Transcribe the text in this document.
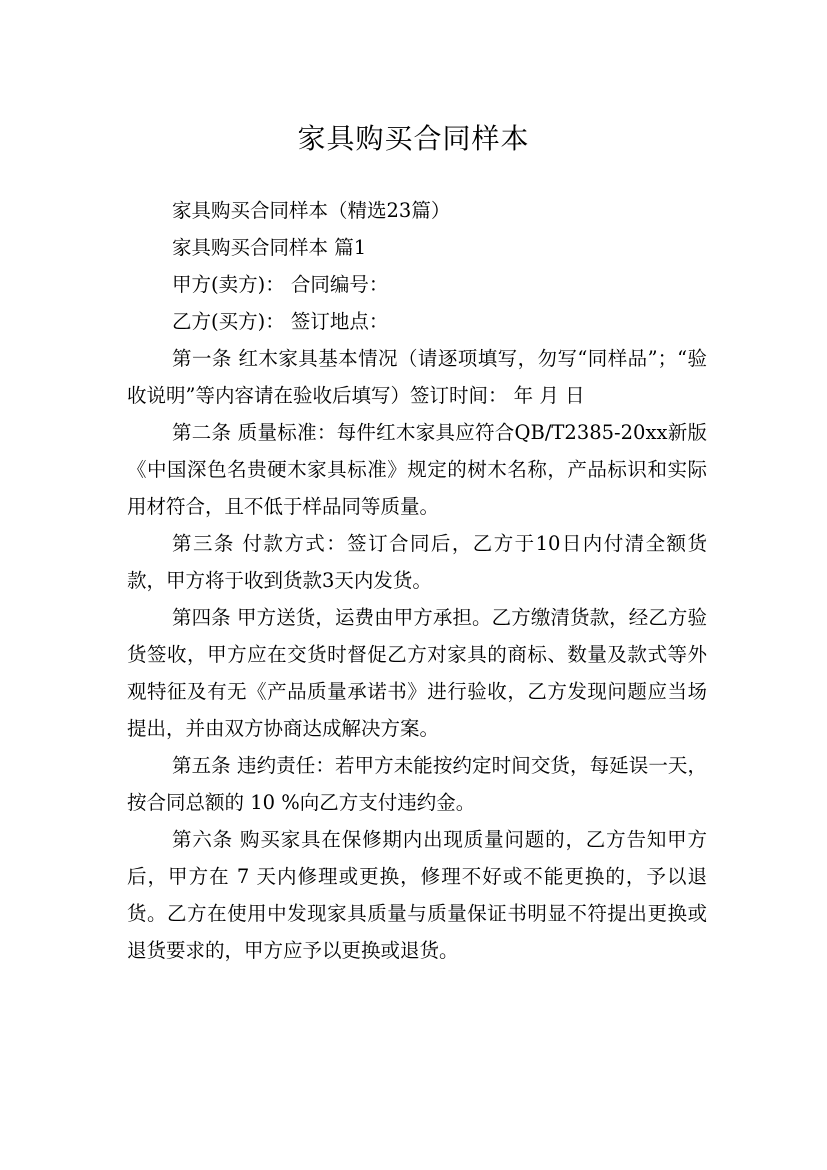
家具购买合同样本

家具购买合同样本（精选23篇）

家具购买合同样本 篇1

甲方(卖方)： 合同编号：

乙方(买方)： 签订地点：

第一条 红木家具基本情况（请逐项填写，勿写“同样品”；“验收说明”等内容请在验收后填写）签订时间： 年 月 日

第二条 质量标准：每件红木家具应符合QB/T2385-20xx新版《中国深色名贵硬木家具标准》规定的树木名称，产品标识和实际用材符合，且不低于样品同等质量。

第三条 付款方式：签订合同后，乙方于10日内付清全额货款，甲方将于收到货款3天内发货。

第四条 甲方送货，运费由甲方承担。乙方缴清货款，经乙方验货签收，甲方应在交货时督促乙方对家具的商标、数量及款式等外观特征及有无《产品质量承诺书》进行验收，乙方发现问题应当场提出，并由双方协商达成解决方案。

第五条 违约责任：若甲方未能按约定时间交货，每延误一天，按合同总额的 10 %向乙方支付违约金。

第六条 购买家具在保修期内出现质量问题的，乙方告知甲方后，甲方在 7 天内修理或更换，修理不好或不能更换的，予以退货。乙方在使用中发现家具质量与质量保证书明显不符提出更换或退货要求的，甲方应予以更换或退货。
